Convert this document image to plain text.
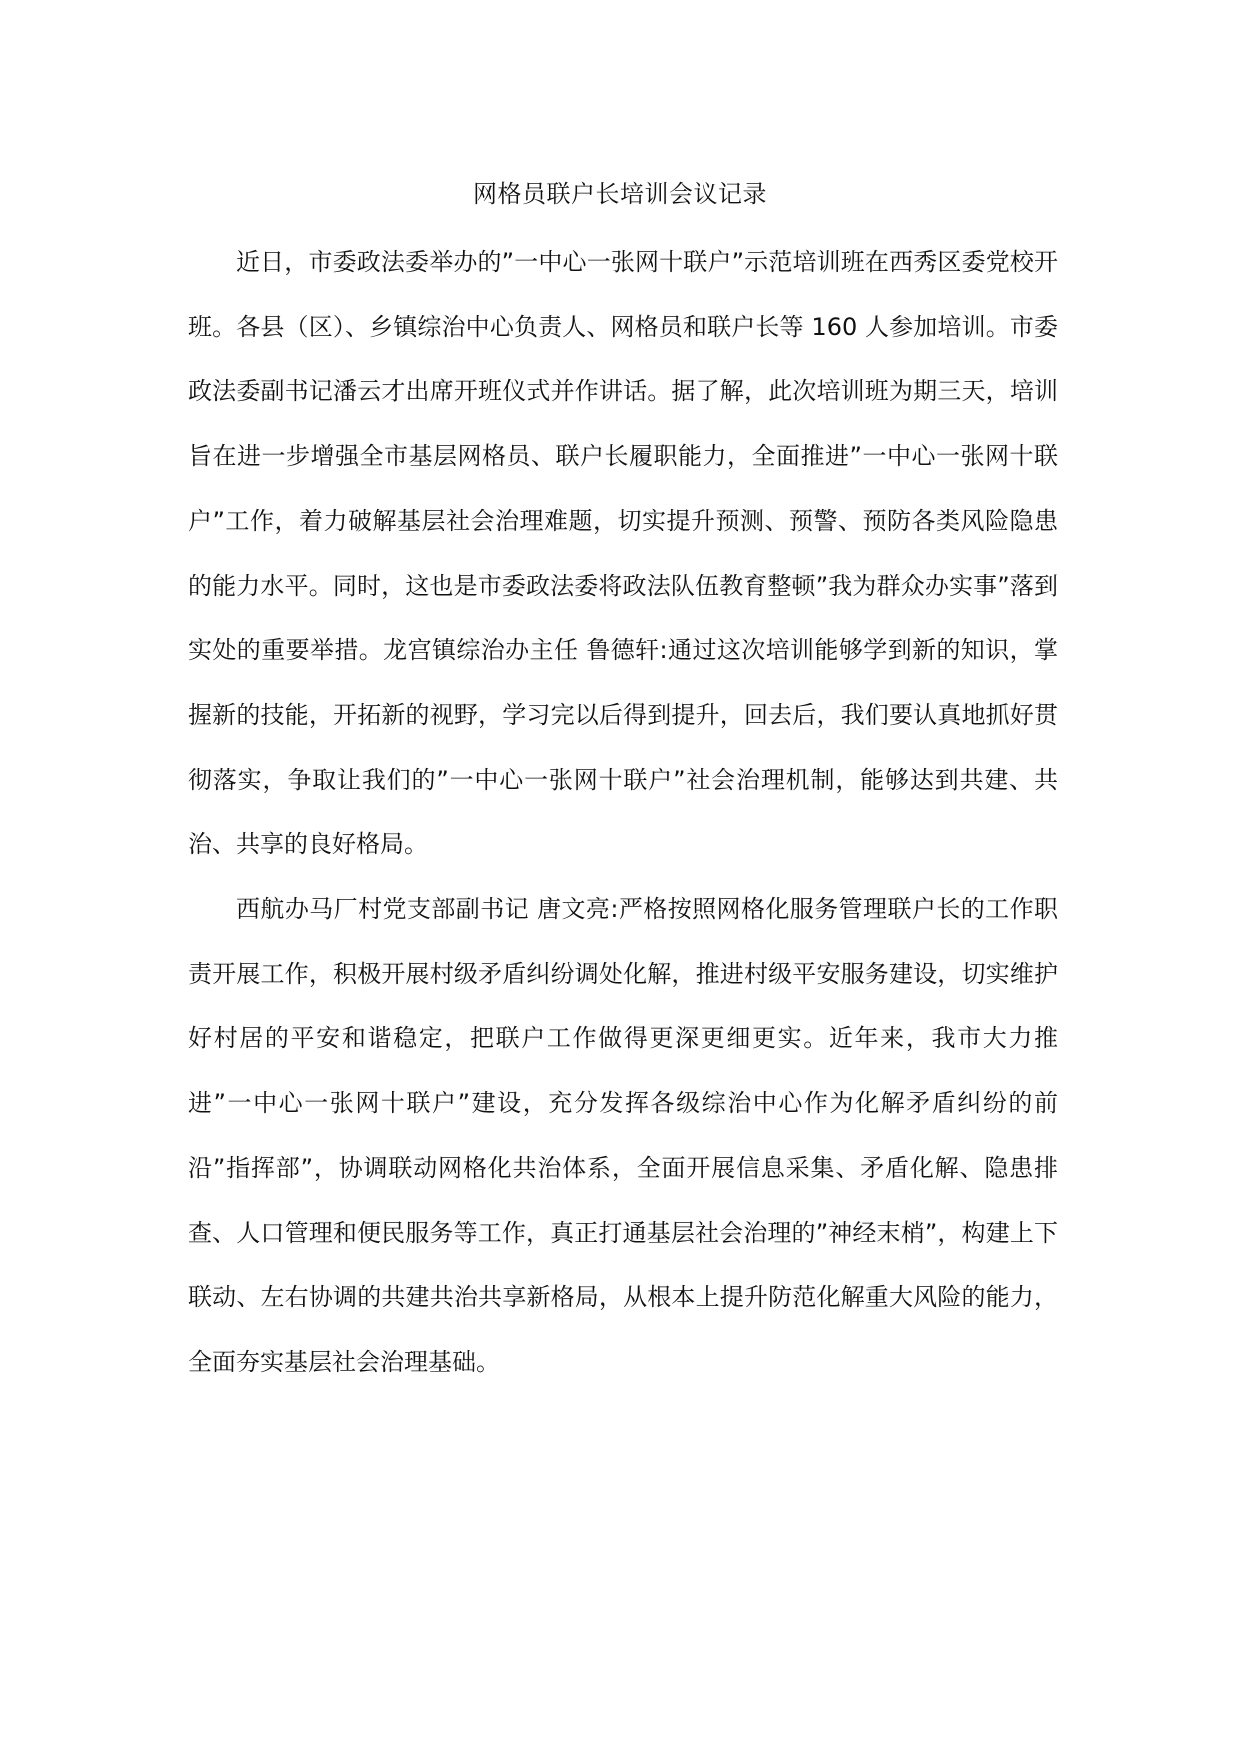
网格员联户长培训会议记录

近日，市委政法委举办的”一中心一张网十联户”示范培训班在西秀区委党校开班。各县（区）、乡镇综治中心负责人、网格员和联户长等 160 人参加培训。市委政法委副书记潘云才出席开班仪式并作讲话。据了解，此次培训班为期三天，培训旨在进一步增强全市基层网格员、联户长履职能力，全面推进”一中心一张网十联户”工作，着力破解基层社会治理难题，切实提升预测、预警、预防各类风险隐患的能力水平。同时，这也是市委政法委将政法队伍教育整顿”我为群众办实事”落到实处的重要举措。龙宫镇综治办主任 鲁德轩:通过这次培训能够学到新的知识，掌握新的技能，开拓新的视野，学习完以后得到提升，回去后，我们要认真地抓好贯彻落实，争取让我们的”一中心一张网十联户”社会治理机制，能够达到共建、共治、共享的良好格局。

西航办马厂村党支部副书记 唐文亮:严格按照网格化服务管理联户长的工作职责开展工作，积极开展村级矛盾纠纷调处化解，推进村级平安服务建设，切实维护好村居的平安和谐稳定，把联户工作做得更深更细更实。近年来，我市大力推进”一中心一张网十联户”建设，充分发挥各级综治中心作为化解矛盾纠纷的前沿”指挥部”，协调联动网格化共治体系，全面开展信息采集、矛盾化解、隐患排查、人口管理和便民服务等工作，真正打通基层社会治理的”神经末梢”，构建上下联动、左右协调的共建共治共享新格局，从根本上提升防范化解重大风险的能力，全面夯实基层社会治理基础。
